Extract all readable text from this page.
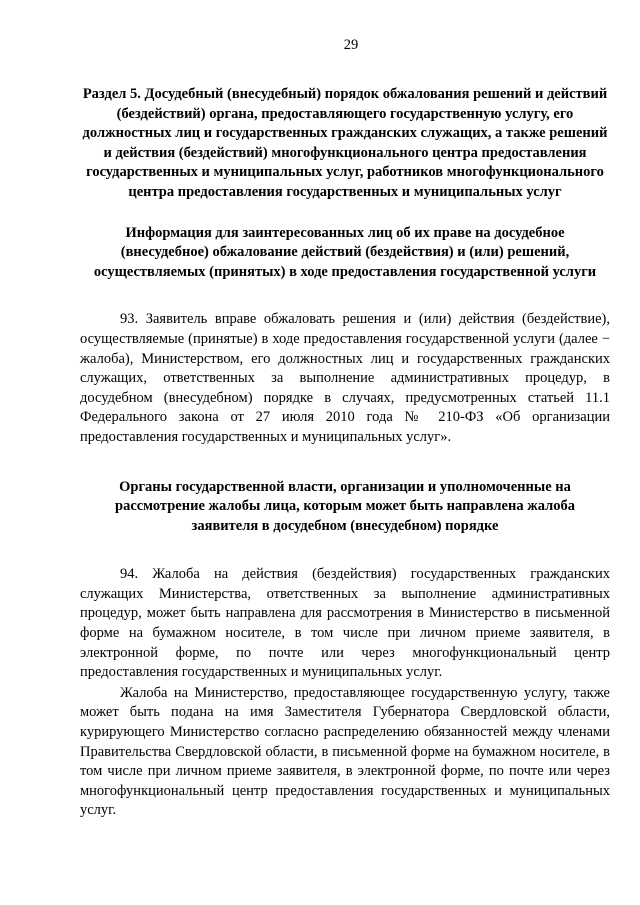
29

Раздел 5. Досудебный (внесудебный) порядок обжалования решений и действий (бездействий) органа, предоставляющего государственную услугу, его должностных лиц и государственных гражданских служащих, а также решений и действия (бездействий) многофункционального центра предоставления государственных и муниципальных услуг, работников многофункционального центра предоставления государственных и муниципальных услуг

Информация для заинтересованных лиц об их праве на досудебное (внесудебное) обжалование действий (бездействия) и (или) решений, осуществляемых (принятых) в ходе предоставления государственной услуги

93. Заявитель вправе обжаловать решения и (или) действия (бездействие), осуществляемые (принятые) в ходе предоставления государственной услуги (далее − жалоба), Министерством, его должностных лиц и государственных гражданских служащих, ответственных за выполнение административных процедур, в досудебном (внесудебном) порядке в случаях, предусмотренных статьей 11.1 Федерального закона от 27 июля 2010 года № 210-ФЗ «Об организации предоставления государственных и муниципальных услуг».

Органы государственной власти, организации и уполномоченные на рассмотрение жалобы лица, которым может быть направлена жалоба заявителя в досудебном (внесудебном) порядке

94. Жалоба на действия (бездействия) государственных гражданских служащих Министерства, ответственных за выполнение административных процедур, может быть направлена для рассмотрения в Министерство в письменной форме на бумажном носителе, в том числе при личном приеме заявителя, в электронной форме, по почте или через многофункциональный центр предоставления государственных и муниципальных услуг.

Жалоба на Министерство, предоставляющее государственную услугу, также может быть подана на имя Заместителя Губернатора Свердловской области, курирующего Министерство согласно распределению обязанностей между членами Правительства Свердловской области, в письменной форме на бумажном носителе, в том числе при личном приеме заявителя, в электронной форме, по почте или через многофункциональный центр предоставления государственных и муниципальных услуг.
